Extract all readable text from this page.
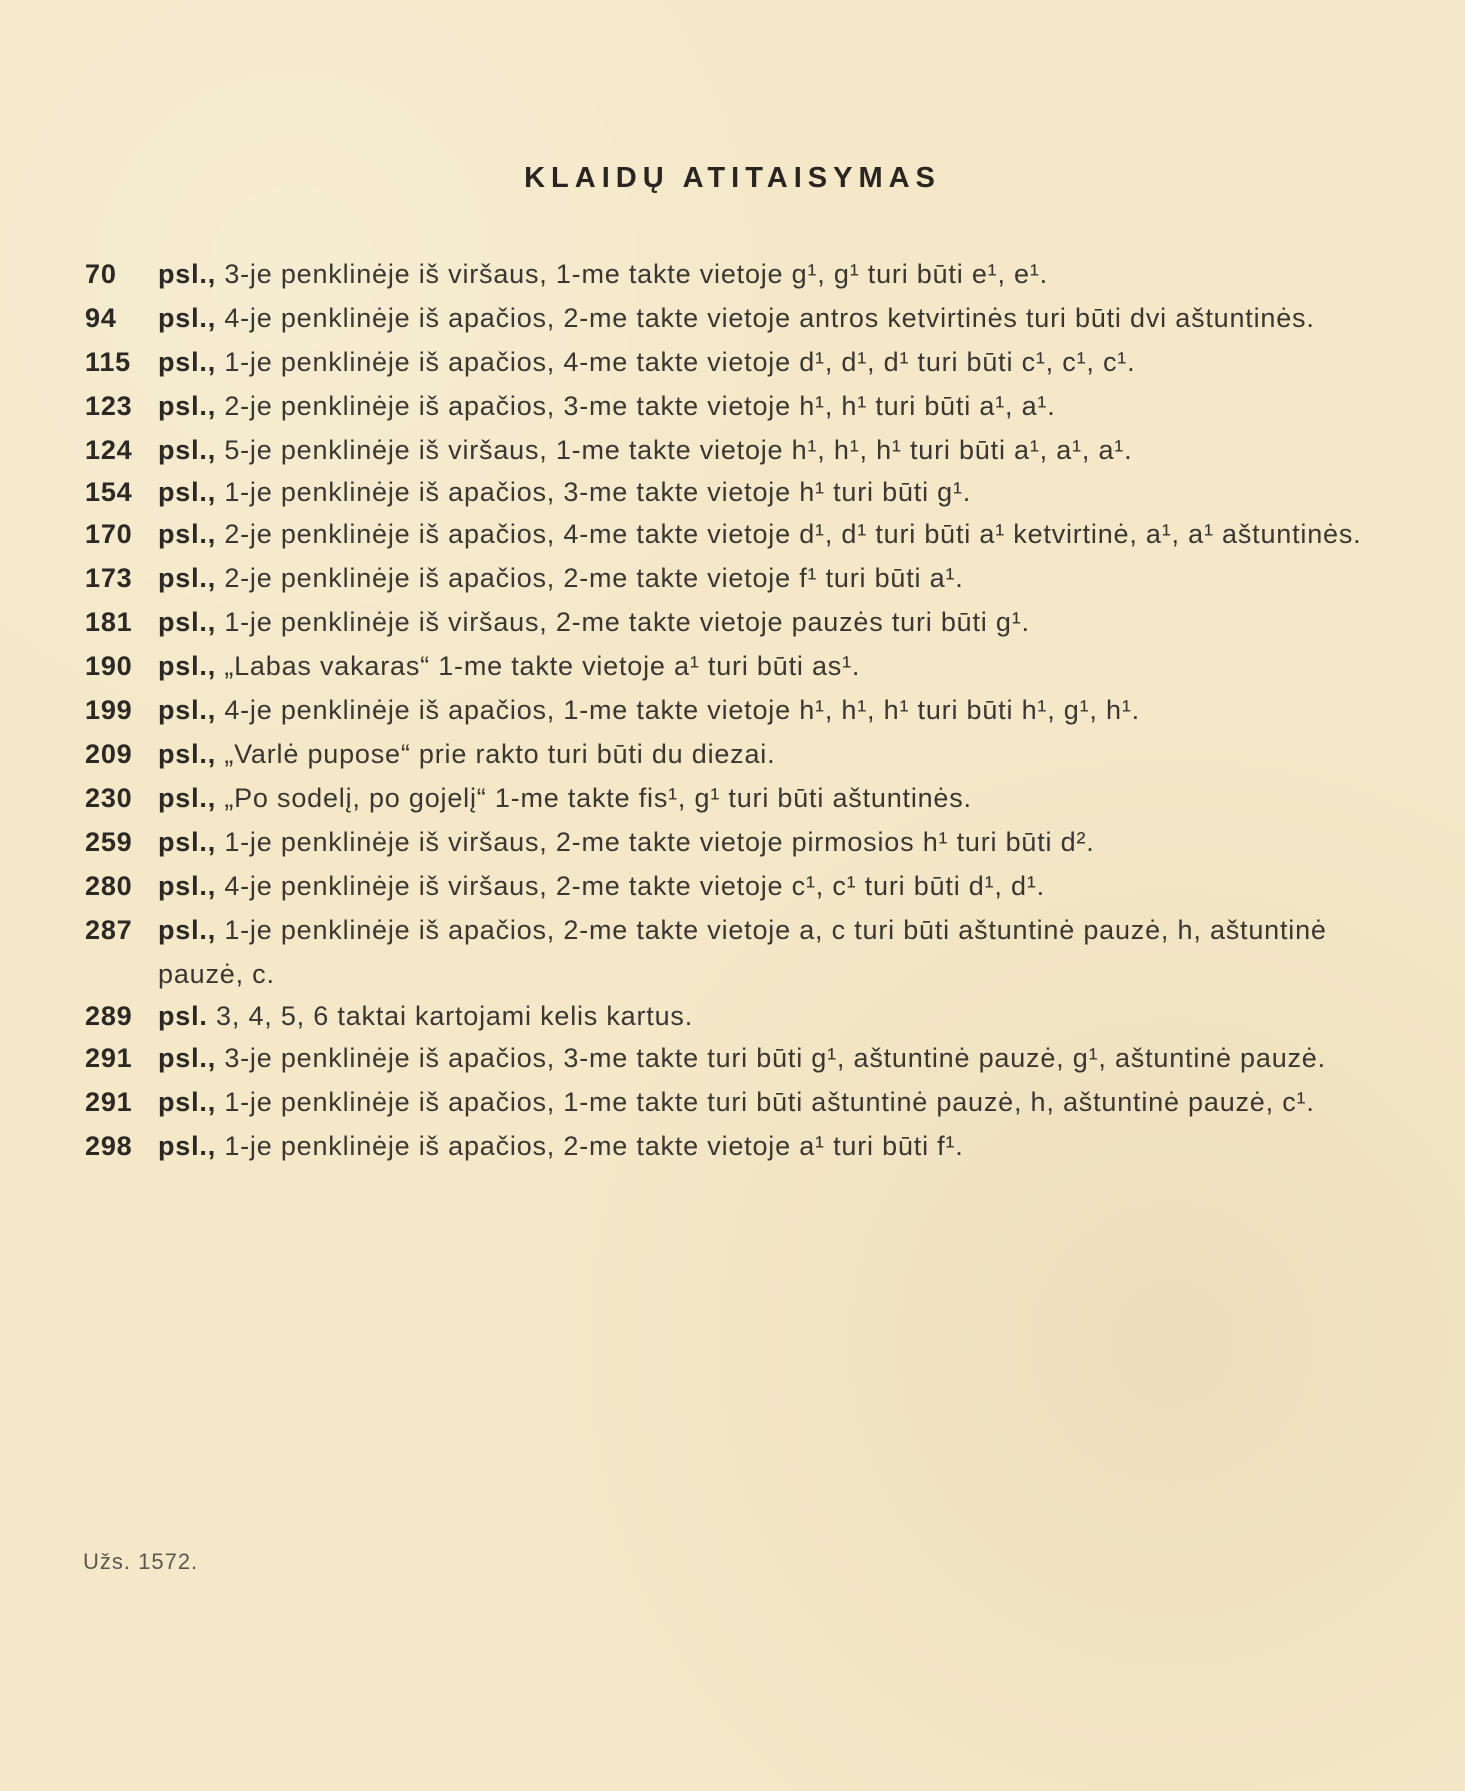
KLAIDŲ ATITAISYMAS
70	psl., 3-je penklinėje iš viršaus, 1-me takte vietoje g¹, g¹ turi būti e¹, e¹.
94	psl., 4-je penklinėje iš apačios, 2-me takte vietoje antros ketvirtinės turi būti dvi aštuntinės.
115	psl., 1-je penklinėje iš apačios, 4-me takte vietoje d¹, d¹, d¹ turi būti c¹, c¹, c¹.
123 psl., 2-je penklinėje iš apačios, 3-me takte vietoje h¹, h¹ turi būti a¹, a¹.
124 psl., 5-je penklinėje iš viršaus, 1-me takte vietoje h¹, h¹, h¹ turi būti a¹, a¹, a¹.
154 psl., 1-je penklinėje iš apačios, 3-me takte vietoje h¹ turi būti g¹.
170 psl., 2-je penklinėje iš apačios, 4-me takte vietoje d¹, d¹ turi būti a¹ ketvirtinė, a¹, a¹ aštuntinės.
173 psl., 2-je penklinėje iš apačios, 2-me takte vietoje f¹ turi būti a¹.
181 psl., 1-je penklinėje iš viršaus, 2-me takte vietoje pauzės turi būti g¹.
190 psl., „Labas vakaras“ 1-me takte vietoje a¹ turi būti as¹.
199 psl., 4-je penklinėje iš apačios, 1-me takte vietoje h¹, h¹, h¹ turi būti h¹, g¹, h¹.
209 psl., „Varlė pupose“ prie rakto turi būti du diezai.
230 psl., „Po sodelį, po gojelį“ 1-me takte fis¹, g¹ turi būti aštuntinės.
259 psl., 1-je penklinėje iš viršaus, 2-me takte vietoje pirmosios h¹ turi būti d².
280 psl., 4-je penklinėje iš viršaus, 2-me takte vietoje c¹, c¹ turi būti d¹, d¹.
287 psl., 1-je penklinėje iš apačios, 2-me takte vietoje a, c turi būti aštuntinė pauzė, h, aštuntinė pauzė, c.
289 psl. 3, 4, 5, 6 taktai kartojami kelis kartus.
291 psl., 3-je penklinėje iš apačios, 3-me takte turi būti g¹, aštuntinė pauzė, g¹, aštuntinė pauzė.
291 psl., 1-je penklinėje iš apačios, 1-me takte turi būti aštuntinė pauzė, h, aštuntinė pauzė, c¹.
298 psl., 1-je penklinėje iš apačios, 2-me takte vietoje a¹ turi būti f¹.
Užs. 1572.
